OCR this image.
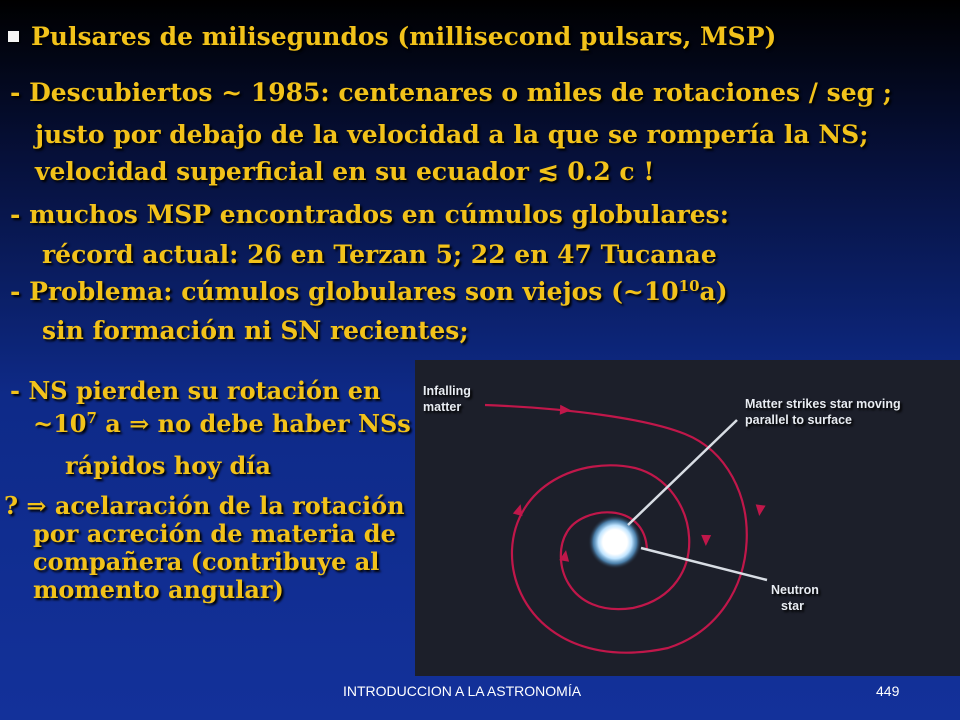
Pulsares de milisegundos (millisecond pulsars, MSP)
- Descubiertos ~ 1985: centenares o miles de rotaciones / seg ;
justo por debajo de la velocidad a la que se rompería la NS;
velocidad superficial en su ecuador ≲ 0.2 c !
- muchos MSP encontrados en cúmulos globulares:
récord actual: 26 en Terzan 5; 22 en 47 Tucanae
- Problema: cúmulos globulares son viejos $(\sim 10^{10}a)$
sin formación ni SN recientes;
- NS pierden su rotación en
$\sim 10^7$ a ⇒ no debe haber NSs
rápidos hoy día
? ⇒ acelaración de la rotación
por acreción de materia de
compañera (contribuye al
momento angular)
Infalling
matter	Matter strikes star moving
parallel to surface
Neutron
star
INTRODUCCION A LA ASTRONOMÍA	449
